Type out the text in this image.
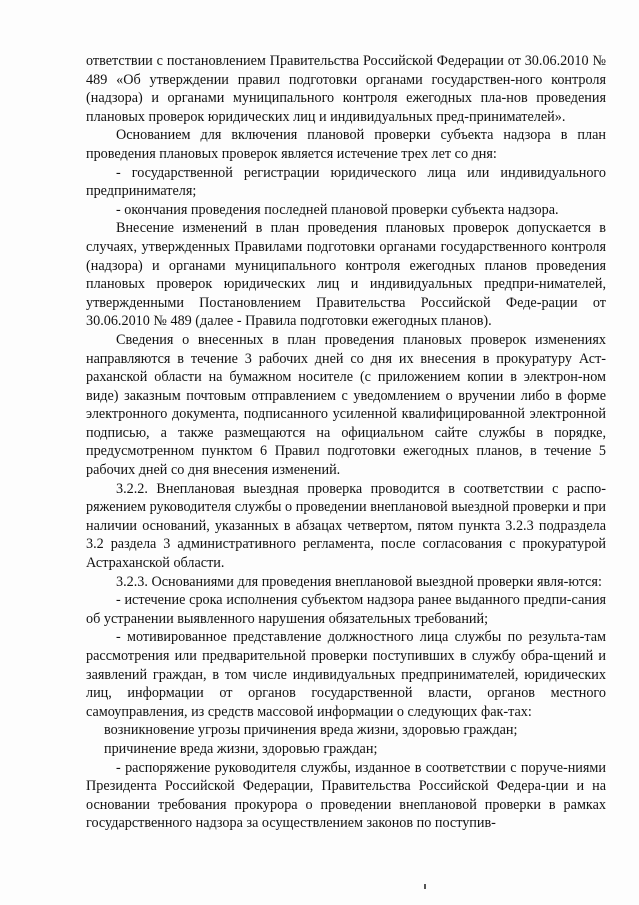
ответствии с постановлением Правительства Российской Федерации от 30.06.2010 № 489 «Об утверждении правил подготовки органами государствен-ного контроля (надзора) и органами муниципального контроля ежегодных пла-нов проведения плановых проверок юридических лиц и индивидуальных пред-принимателей».

Основанием для включения плановой проверки субъекта надзора в план проведения плановых проверок является истечение трех лет со дня:

- государственной регистрации юридического лица или индивидуального предпринимателя;

- окончания проведения последней плановой проверки субъекта надзора.

Внесение изменений в план проведения плановых проверок допускается в случаях, утвержденных Правилами подготовки органами государственного контроля (надзора) и органами муниципального контроля ежегодных планов проведения плановых проверок юридических лиц и индивидуальных предпри-нимателей, утвержденными Постановлением Правительства Российской Феде-рации от 30.06.2010 № 489 (далее - Правила подготовки ежегодных планов).

Сведения о внесенных в план проведения плановых проверок изменениях направляются в течение 3 рабочих дней со дня их внесения в прокуратуру Аст-раханской области на бумажном носителе (с приложением копии в электрон-ном виде) заказным почтовым отправлением с уведомлением о вручении либо в форме электронного документа, подписанного усиленной квалифицированной электронной подписью, а также размещаются на официальном сайте службы в порядке, предусмотренном пунктом 6 Правил подготовки ежегодных планов, в течение 5 рабочих дней со дня внесения изменений.

3.2.2. Внеплановая выездная проверка проводится в соответствии с распо-ряжением руководителя службы о проведении внеплановой выездной проверки и при наличии оснований, указанных в абзацах четвертом, пятом пункта 3.2.3 подраздела 3.2 раздела 3 административного регламента, после согласования с прокуратурой Астраханской области.

3.2.3. Основаниями для проведения внеплановой выездной проверки явля-ются:

- истечение срока исполнения субъектом надзора ранее выданного предпи-сания об устранении выявленного нарушения обязательных требований;

- мотивированное представление должностного лица службы по результа-там рассмотрения или предварительной проверки поступивших в службу обра-щений и заявлений граждан, в том числе индивидуальных предпринимателей, юридических лиц, информации от органов государственной власти, органов местного самоуправления, из средств массовой информации о следующих фак-тах:

возникновение угрозы причинения вреда жизни, здоровью граждан;

причинение вреда жизни, здоровью граждан;

- распоряжение руководителя службы, изданное в соответствии с поруче-ниями Президента Российской Федерации, Правительства Российской Федера-ции и на основании требования прокурора о проведении внеплановой проверки в рамках государственного надзора за осуществлением законов по поступив-
